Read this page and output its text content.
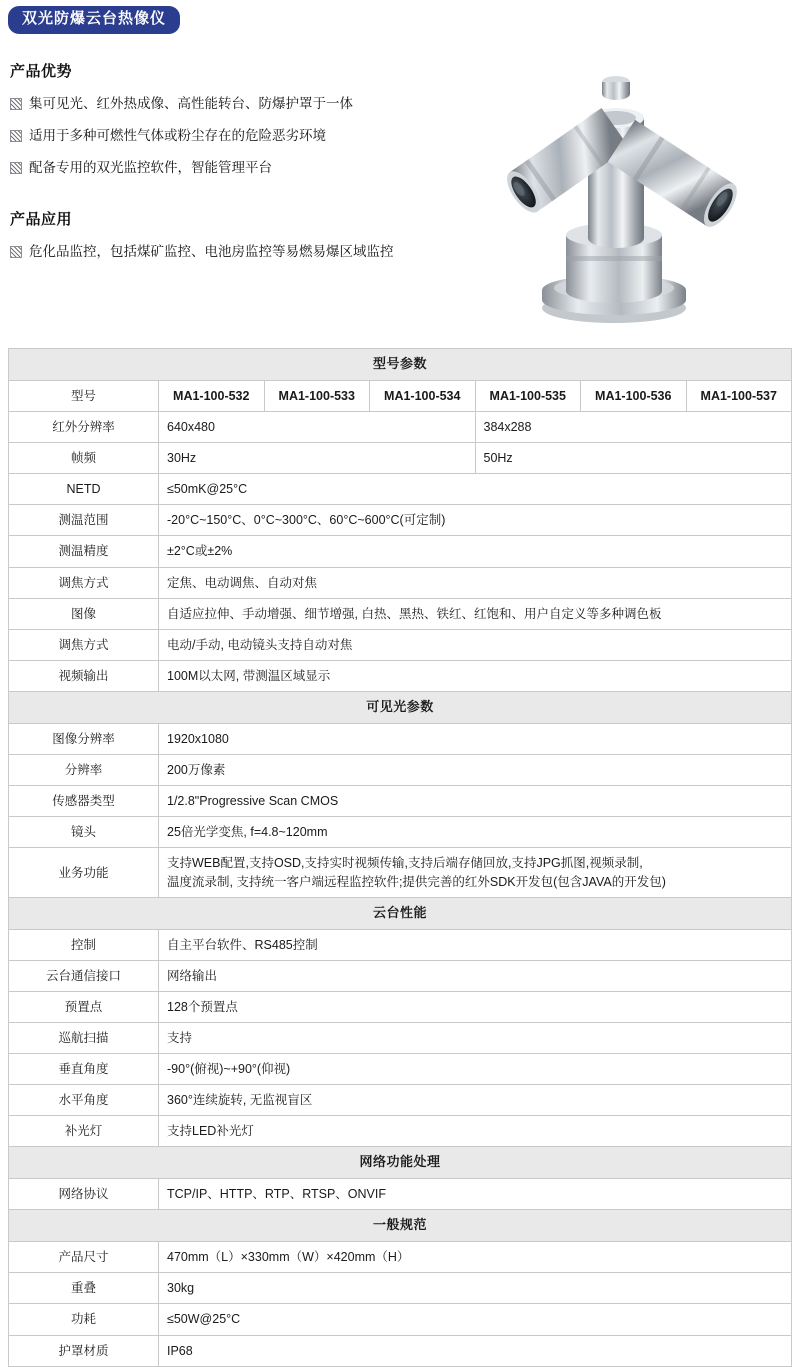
双光防爆云台热像仪
产品优势
集可见光、红外热成像、高性能转台、防爆护罩于一体
适用于多种可燃性气体或粉尘存在的危险恶劣环境
配备专用的双光监控软件，智能管理平台
产品应用
危化品监控，包括煤矿监控、电池房监控等易燃易爆区域监控
型号参数						
型号	MA1-100-532	MA1-100-533	MA1-100-534	MA1-100-535	MA1-100-536	MA1-100-537
红外分辨率	640x480			384x288		
帧频	30Hz			50Hz		
NETD	≤50mK@25°C					
测温范围	-20°C~150°C、0°C~300°C、60°C~600°C(可定制)					
测温精度	±2°C或±2%					
调焦方式	定焦、电动调焦、自动对焦					
图像	自适应拉伸、手动增强、细节增强, 白热、黑热、铁红、红饱和、用户自定义等多种调色板					
调焦方式	电动/手动, 电动镜头支持自动对焦					
视频输出	100M以太网, 带测温区域显示					
可见光参数						
图像分辨率	1920x1080					
分辨率	200万像素					
传感器类型	1/2.8"Progressive Scan CMOS					
镜头	25倍光学变焦, f=4.8~120mm					
业务功能	支持WEB配置,支持OSD,支持实时视频传输,支持后端存储回放,支持JPG抓图,视频录制,
温度流录制, 支持统一客户端远程监控软件;提供完善的红外SDK开发包(包含JAVA的开发包)					
云台性能						
控制	自主平台软件、RS485控制					
云台通信接口	网络输出					
预置点	128个预置点					
巡航扫描	支持					
垂直角度	-90°(俯视)~+90°(仰视)					
水平角度	360°连续旋转, 无监视盲区					
补光灯	支持LED补光灯					
网络功能处理						
网络协议	TCP/IP、HTTP、RTP、RTSP、ONVIF					
一般规范						
产品尺寸	470mm（L）×330mm（W）×420mm（H）					
重叠	30kg					
功耗	≤50W@25°C					
护罩材质	IP68					
